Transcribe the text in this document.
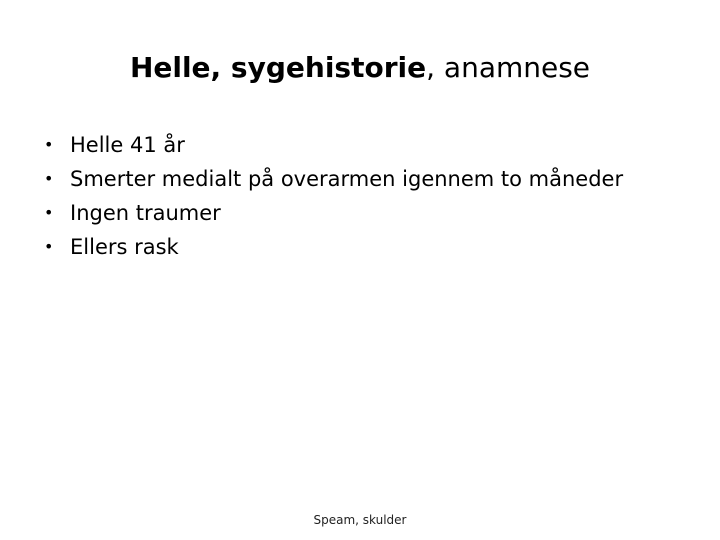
Helle, sygehistorie, anamnese
• Helle 41 år
• Smerter medialt på overarmen igennem to måneder
• Ingen traumer
• Ellers rask
Speam, skulder
